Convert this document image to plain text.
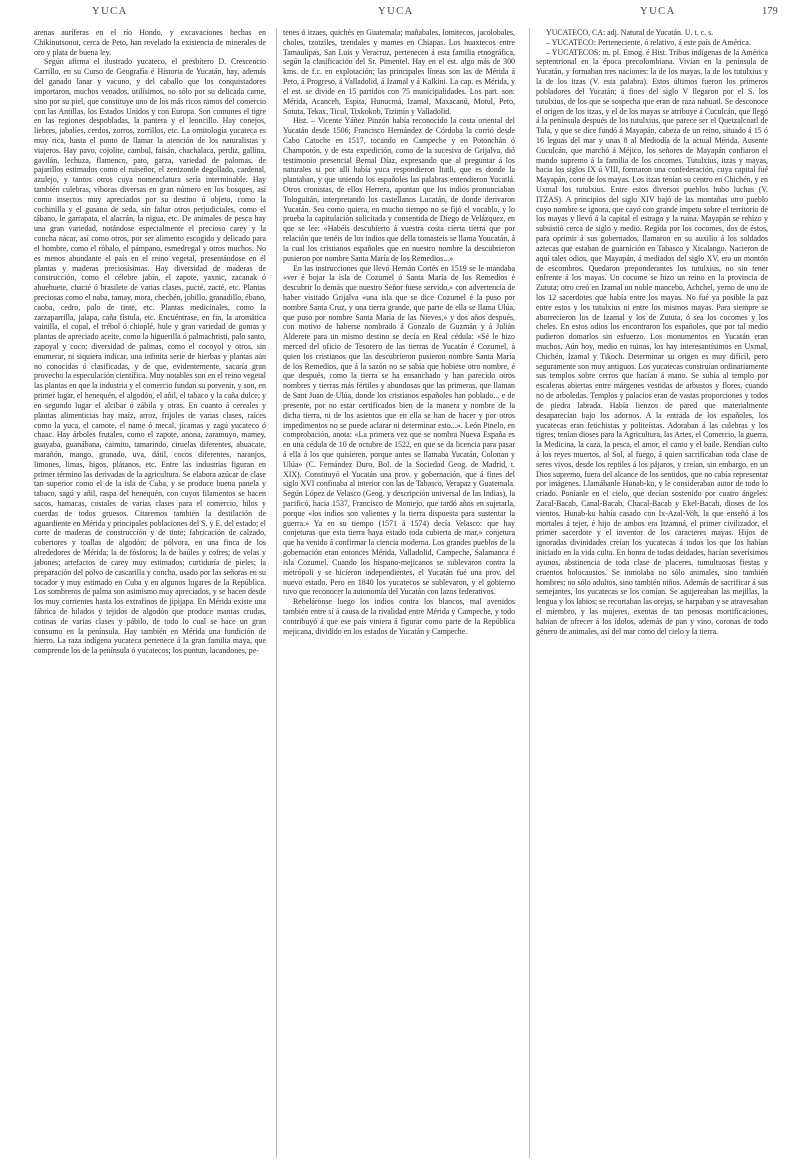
YUCA	YUCA	YUCA	179

arenas auríferas en el río Hondo, y excavaciones hechas en Chikinutsonot, cerca de Peto, han revelado la existencia de minerales de oro y plata de buena ley.

Según afirma el ilustrado yucateco, el presbítero D. Crescencio Carrillo, en su Curso de Geografía é Historia de Yucatán, hay, además del ganado lanar y vacuno, y del caballo que los conquistadores importaron, muchos venados, utilísimos, no sólo por su delicada carne, sino por su piel, que constituye uno de los más ricos ramos del comercio con las Antillas, los Estados Unidos y con Europa. Son comunes el tigre en las regiones despobladas, la pantera y el leoncillo. Hay conejos, liebres, jabalíes, cerdos, zorros, zorrillos, etc. La ornitología yucateca es muy rica, hasta el punto de llamar la atención de los naturalistas y viajeros. Hay pavo, cojolite, cambul, faisán, chachalaca, perdiz, gallina, gavilán, lechuza, flamenco, pato, garza, variedad de palomas, de pajarillos estimados como el ruiseñor, el zentzontle degollado, cardenal, azulejo, y tantos otros cuya nomenclatura sería interminable. Hay también culebras, víboras diversas en gran número en los bosques, así como insectos muy apreciados por su destino ú objeto, como la cochinilla y el gusano de seda, sin faltar otros perjudiciales, como el tábano, le garrapata, el alacrán, la nigua, etc. De animales de pesca hay una gran variedad, notándose especialmente el precioso carey y la concha nácar, así como otros, por ser alimento escogido y delicado para el hombre, como el róbalo, el pámpano, esmedregal y otros muchos. No es menos abundante el país en el reino vegetal, presentándose en él plantas y maderas preciosísimas. Hay diversidad de maderas de construcción, como el célebre jabín, el zapote, yaxnic, zacanak ó ahuehuete, chacté ó brasilete de varias clases, pucté, zacté, etc. Plantas preciosas como el naba, tamay, mora, chechén, jobillo, granadillo, ébano, caoba, cedro, palo de tinte, etc. Plantas medicinales, como la zarzaparrilla, jalapa, caña fístula, etc. Encuéntrase, en fin, la aromática vainilla, el copal, el trébol ó chioplé, hule y gran variedad de gomas y plantas de apreciado aceite, como la higuerilla ó palmachristi, palo santo, zapoyal y coco; diversidad de palmas, como el cocoyol y otros, sin enumerar, ni siquiera indicar, una infinita serie de hierbas y plantas aún no conocidas ó clasificadas, y de que, evidentemente, sacaría gran provecho la especulación científica. Muy notables son en el reino vegetal las plantas en que la industria y el comercio fundan su porvenir, y son, en primer lugar, el henequén, el algodón, el añil, el tabaco y la caña dulce; y en segundo lugar el alcibar ó zábila y otras. En cuanto á cereales y plantas alimenticias hay maíz, arroz, frijoles de varias clases, raíces como la yuca, el camote, el name ó mecal, jícamas y zagú yucateco ó chaac. Hay árboles frutales, como el zapote, anona, zaramuyo, mamey, guayaba, guanábana, caimito, tamarindo, ciruelas diferentes, ahuacate, marañón, mango, granado, uva, dátil, cocos diferentes, naranjos, limones, limas, higos, plátanos, etc. Entre las industrias figuran en primer término las derivadas de la agricultura. Se elabora azúcar de clase tan superior como el de la isla de Cuba, y se produce buena panela y tabaco, sagú y añil, raspa del henequén, con cuyos filamentos se hacen sacos, hamacas, costales de varias clases para el comercio, hilos y cuerdas de todos gruesos. Citaremos también la destilación de aguardiente en Mérida y principales poblaciones del S. y E. del estado; el corte de maderas de construcción y de tinte; fabricación de calzado, cobertores y toallas de algodón; de pólvora, en una finca de los alrededores de Mérida; la de fósforos; la de baúles y cofres; de velas y jabones; artefactos de carey muy estimados; curtiduría de pieles; la preparación del polvo de cascarilla y concha, usado por las señoras en su tocador y muy estimado en Cuba y en algunos lugares de la República. Los sombreros de palma son asimismo muy apreciados, y se hacen desde los muy corrientes hasta los extrafinos de jipijapa. En Mérida existe una fábrica de hilados y tejidos de algodón que produce mantas crudas, cotinas de varias clases y pábilo, de todo lo cual se hace un gran consumo en la península. Hay también en Mérida una fundición de hierro. La raza indígena yucateca pertenece á la gran familia maya, que comprende los de la península ó yucatecos; los puntun, lacandones, pe-

tenes ó itzaes, quichés en Guatemala; mañabales, lomitecos, jacolobales, choles, tzotziles, tzendales y mames en Chiapas. Los huaxtecos entre Tamaulipas, San Luis y Veracruz, pertenecen á esta familia etnográfica, según la clasificación del Sr. Pimentel. Hay en el est. algo más de 300 kms. de f.c. en explotación; las principales líneas son las de Mérida á Peto, á Progreso, á Valladolid, á Izamal y á Kalkini. La cap. es Mérida, y el est. se divide en 15 partidos con 75 municipalidades. Los part. son: Mérida, Acanceh, Espita, Hunucmá, Izamal, Maxacanú, Motul, Peto, Sotuta, Tekax, Ticul, Tixkokob, Tizimín y Valladolid.

Hist. – Vicente Yáñez Pinzón había reconocido la costa oriental del Yucatán desde 1506; Francisco Hernández de Córdoba la corrió desde Cabo Catoche en 1517, tocando en Campeche y en Potonchán ó Champotón, y de esta expedición, como de la sucesiva de Grijalva, dió testimonio presencial Bernal Díaz, expresando que al preguntar á los naturales si por allí había yuca respondieron Itatli, que es donde la plantaban, y que uniendo los españoles las palabras entendieron Yucatlá. Otros cronistas, de ellos Herrera, apuntan que los indios pronunciaban Tologuitán, interpretando los castellanos Lucatán, de donde derivaron Yucatán. Sea como quiera, en mucho tiempo no se fijó el vocablo, y lo prueba la capitulación solicitada y consentida de Diego de Velázquez, en que se lee: «Habéis descubierto á vuestra costa cierta tierra que por relación que tenéis de los indios que della tomasteis se llama Youcatán, á la cual los cristianos españoles que en nuestro nombre la descubrieron pusieron por nombre Santa María de los Remedios...»

En las instrucciones que llevó Hernán Cortés en 1519 se le mandaba «ver é bojar la isla de Cozumel ó Santa María de los Remedios é descubrir lo demás que nuestro Señor fuese servido,» con advertencia de haber visitado Grijalva «una isla que se dice Cozumel é la puso por nombre Santa Cruz, y una tierra grande, que parte de ella se llama Ulúa, que puso por nombre Santa María de las Nieves,» y dos años después, con motivo de haberse nombrado á Gonzalo de Guzmán y á Julián Alderete para un mismo destino se decía en Real cédula: «Sé le hizo merced del oficio de Tesorero de las tierras de Yucatán é Cozumel, á quien los cristianos que las descubrieron pusieron nombre Santa María de los Remedios, que á la sazón no se sabía que hobiese otro nombre, é que después, como la tierra se ha ensanchado y han parecido otros nombres y tierras más fértiles y abundosas que las primeras, que llaman de Sant Juan de Ulúa, donde los cristianos españoles han poblado... e de presente, por no estar certificados bien de la manera y nombre de la dicha tierra, ni de los asientos que en ella se han de hacer y por otros impedimentos no se puede aclarar ni determinar esto...». León Pinelo, en comprobación, anota: «La primera vez que se nombra Nueva España es en una cédula de 10 de octubre de 1522, en que se da licencia para pasar á ella á los que quisieren, porque antes se llamaba Yucatán, Colonan y Ulúa» (C. Fernández Duro, Bol. de la Sociedad Geog. de Madrid, t. XIX). Constituyó el Yucatán una prov. y gobernación, que á fines del siglo XVI confinaba al interior con las de Tabasco, Verapaz y Guatemala. Según López de Velasco (Geog. y descripción universal de las Indias), la pacificó, hacia 1537, Francisco de Montejo, que tardó años en sujetarla, porque «los indios son valientes y la tierra dispuesta para sustentar la guerra.» Ya en su tiempo (1571 á 1574) decía Velasco: que hay conjeturas que esta tierra haya estado toda cubierta de mar,» conjetura que ha venido á confirmar la ciencia moderna. Los grandes pueblos de la gobernación eran entonces Mérida, Valladolid, Campeche, Salamanca é isla Cozumel. Cuando los hispano-mejicanos se sublevaron contra la metrópoli y se hicieron independientes, el Yucatán fué una prov. del nuevo estado. Pero en 1840 los yucatecos se sublevaron, y el gobierno tuvo que reconocer la autonomía del Yucatán con lazos federativos.

Rebeláronse luego los indios contra los blancos, mal avenidos también entre sí á causa de la rivalidad entre Mérida y Campeche, y todo contribuyó á que ese país viniera á figurar como parte de la República mejicana, dividido en los estados de Yucatán y Campeche.

YUCATECO, CA: adj. Natural de Yucatán. U. t. c. s.

– YUCATECO: Perteneciente, ó relativo, á este país de América.

– YUCATECOS: m. pl. Etnog. é Hist. Tribus indígenas de la América septentrional en la época precolombiana. Vivían en la península de Yucatán, y formaban tres naciones: la de los mayas, la de los tutulxius y la de los itzas (V. esta palabra). Estos últimos fueron los primeros pobladores del Yucatán; á fines del siglo V llegaron por el S. los tutulxius, de los que se sospecha que eran de raza nahuatl. Se desconoce el origen de los itzas, y el de los mayas se atribuye á Cuculcán, que llegó á la península después de los tutulxius, que parece ser el Quetzalcoatl de Tula, y que se dice fundó á Mayapán, cabeza de un reino, situado á 15 ó 16 leguas del mar y unas 8 al Mediodía de la actual Mérida. Ausente Cuculcán, que marchó á Méjico, los señores de Mayapán confiaron el mando supremo á la familia de los cocomes. Tutulxius, itzas y mayas, hacia los siglos IX ú VIII, formaron una confederación, cuya capital fué Mayapán, corte de los mayas. Los itzas tenían su centro en Chichén, y en Uxmal los tutulxius. Entre estos diversos pueblos hubo luchas (V. ITZAS). A principios del siglo XIV bajó de las montañas otro pueblo cuyo nombre se ignora, que cayó con grande ímpetu sobre el territorio de los mayas y llevó á la capital el estrago y la ruina. Mayapán se rehízo y subsistió cerca de siglo y medio. Regida por los cocomes, dos de éstos, para oprimir á sus gobernados, llamaron en su auxilio á los soldados aztecas que estaban de guarnición en Tabasco y Xicalango. Nacieron de aquí tales odios, que Mayapán, á mediados del siglo XV, era un montón de escombros. Quedaron preponderantes los tutulxius, no sin tener enfrente á los mayas. Un cocome se hizo un reino en la provincia de Zututa; otro creó en Izamal un noble mancebo, Achchel, yerno de uno de los 12 sacerdotes que había entre los mayas. No fué ya posible la paz entre estos y los tutulxius ni entre los mismos mayas. Para siempre se aborrecieron los de Izamal y los de Zututa, ó sea los cocomes y los cheles. En estos odios los encontraron los españoles, que por tal medio pudieron domarlos sin esfuerzo. Los monumentos en Yucatán eran muchos. Aún hoy, medio en ruinas, los hay interesantísimos en Uxmal, Chichén, Izamal y Tikoch. Determinar su origen es muy difícil, pero seguramente son muy antiguos. Los yucatecas construían ordinariamente sus templos sobre cerros que hacían á mano. Se subía al templo por escaleras abiertas entre márgenes vestidas de arbustos y flores, cuando no de arboledas. Templos y palacios eran de vastas proporciones y todos de piedra labrada. Había lienzos de pared que materialmente desaparecían bajo los adornos. A la entrada de los españoles, los yucatecas eran fetichistas y politeístas. Adoraban á las culebras y los tigres; tenían dioses para la Agricultura, las Artes, el Comercio, la guerra, la Medicina, la caza, la pesca, el amor, el canto y el baile. Rendían culto á los reyes muertos, al Sol, al fuego, á quien sacrificaban toda clase de seres vivos, desde los reptiles á los pájaros, y creían, sin embargo, en un Dios supremo, fuera del alcance de los sentidos, que no cabía representar por imágenes. Llamábanle Hunab-ku, y le consideraban autor de todo lo criado. Poníanle en el cielo, que decían sostenido por cuatro ángeles: Zacal-Bacab, Canal-Bacab, Chacal-Bacab y Ekel-Bacab, dioses de los vientos. Hunab-ku había casado con Ix-Azal-Voh, la que enseñó á los mortales á tejer, é hijo de ambos era Itzamná, el primer civilizador, el primer sacerdote y el inventor de los caracteres mayas. Hijos de ignoradas divinidades creían los yucatecas á todos los que los habían iniciado en la vida culta. En honra de todas deidades, hacían severísimos ayunos, abstinencia de toda clase de placeres, tumultuosas fiestas y cruentos holocaustos. Se inmolaba no sólo animales, sino también hombres; no sólo adultos, sino también niños. Además de sacrificar á sus semejantes, los yucatecas se los comían. Se agujereaban las mejillas, la lengua y los labios; se recortaban las orejas, se harpaban y se atravesaban el miembro, y las mujeres, exentas de tan penosas mortificaciones, habían de ofrecer á los ídolos, además de pan y vino, coronas de todo género de animales, así del mar como del cielo y la tierra.
